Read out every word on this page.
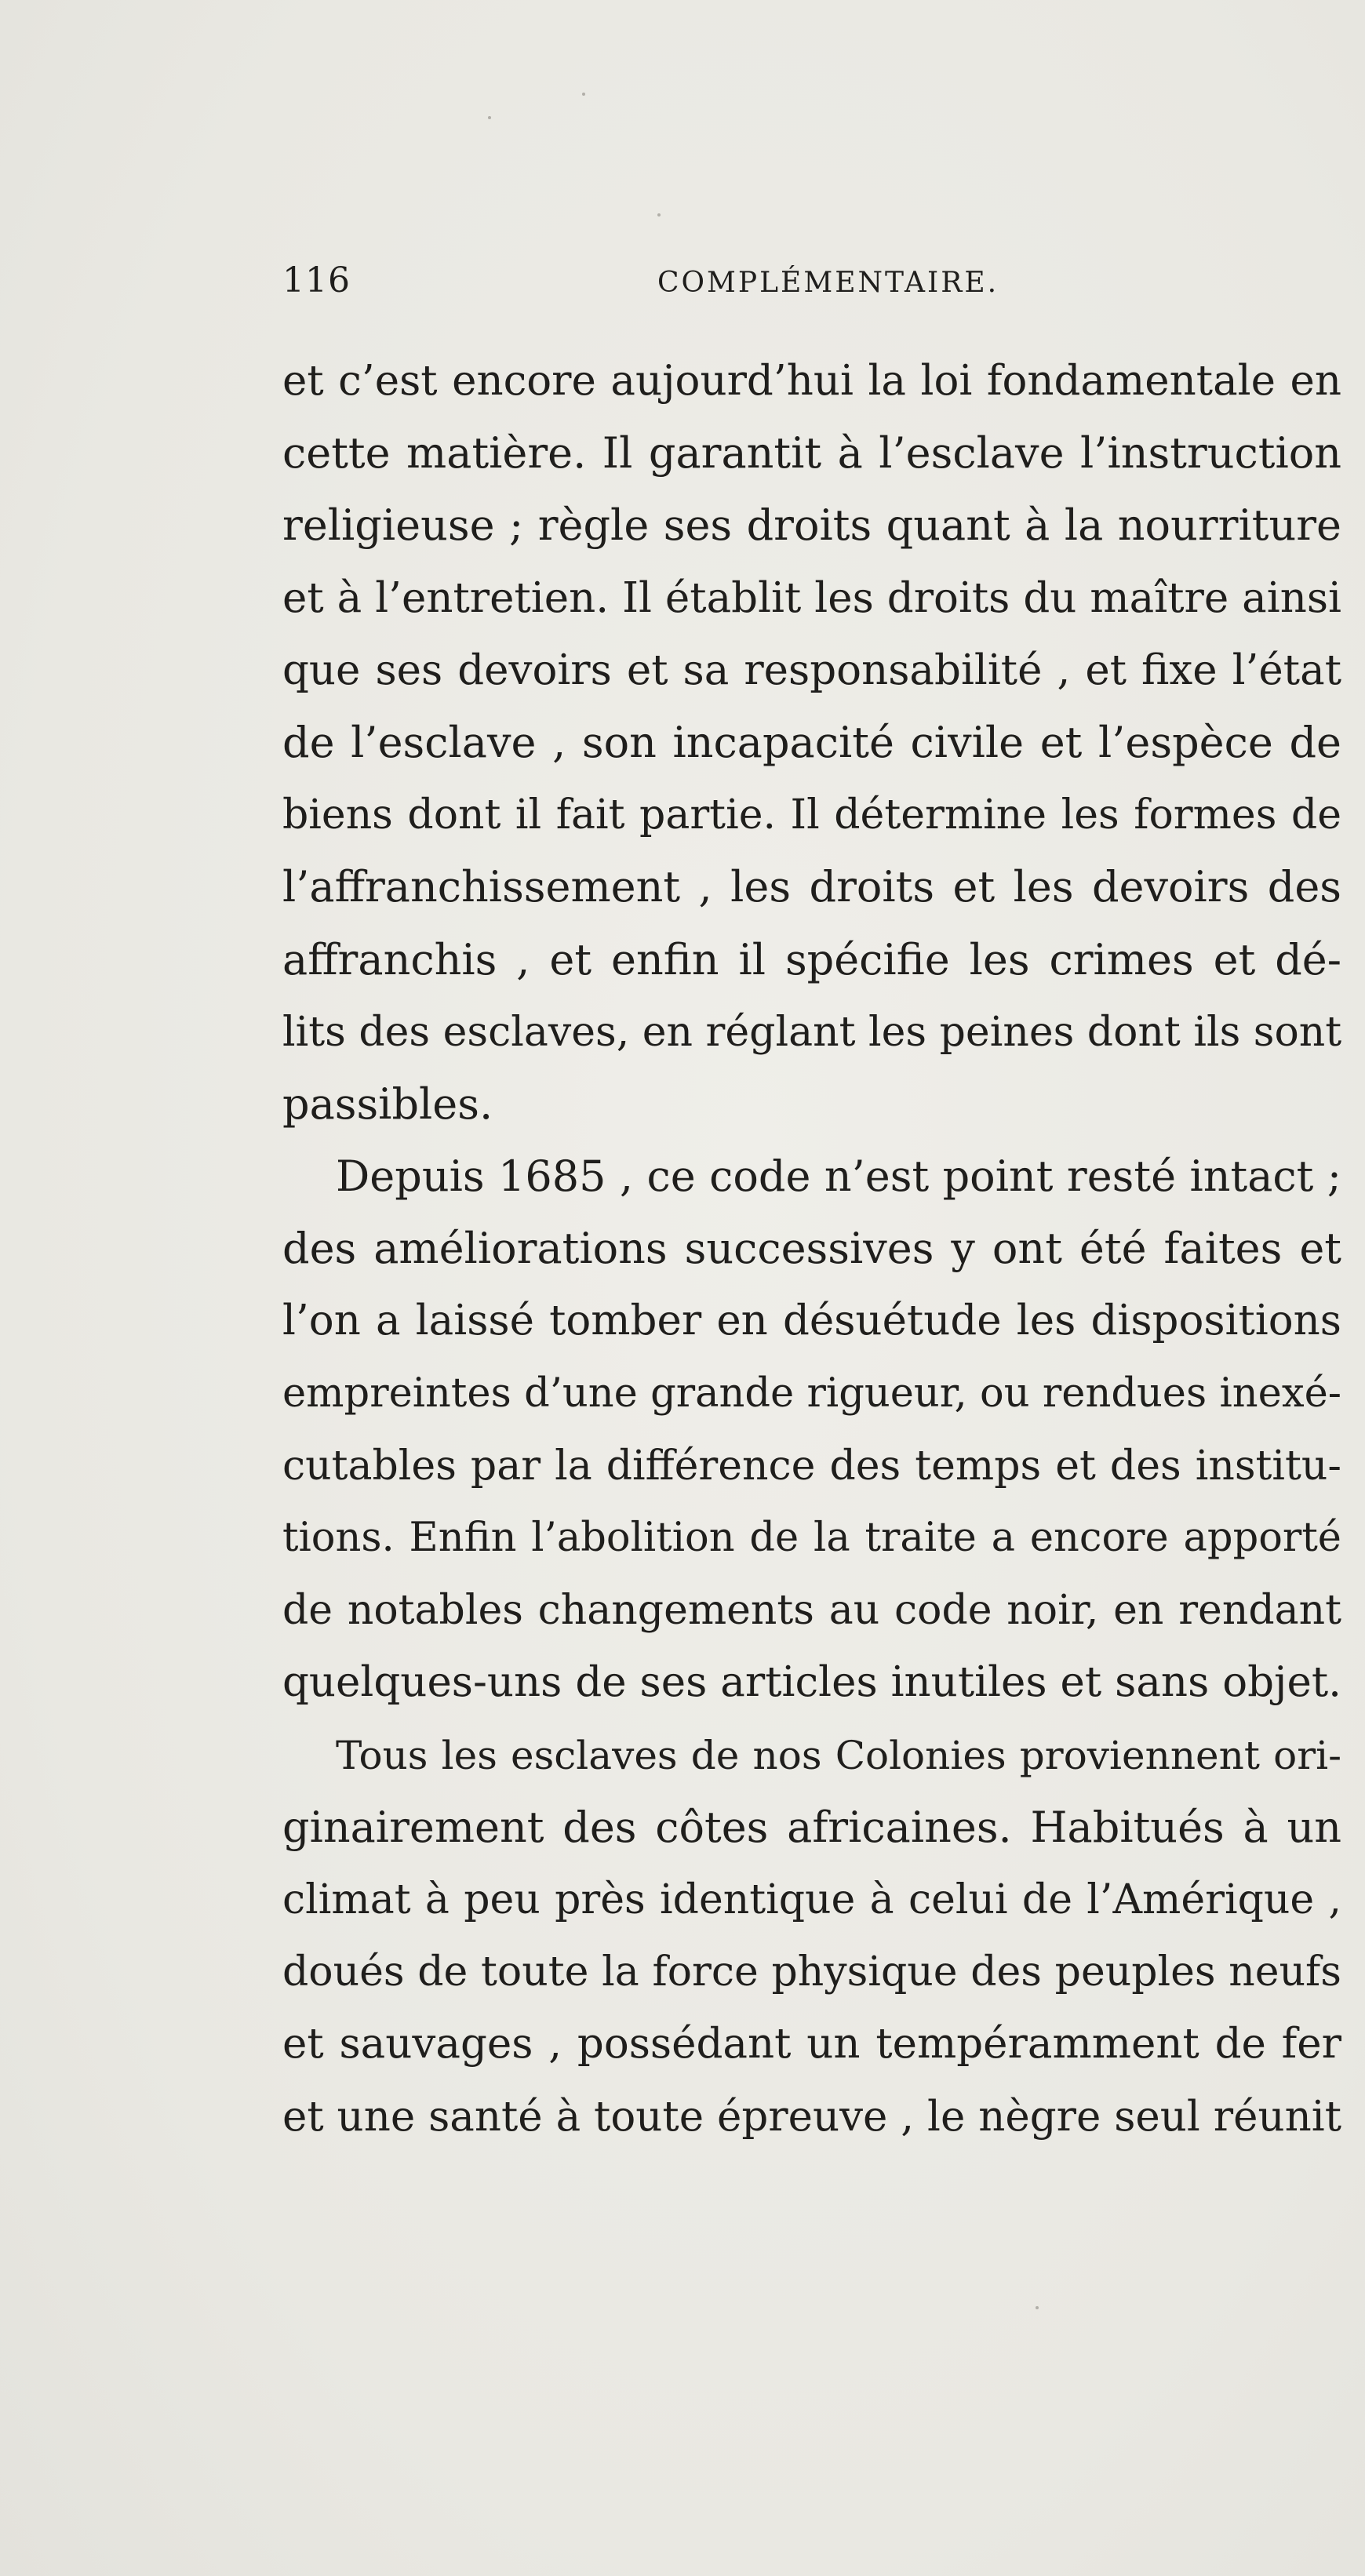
116	COMPLÉMENTAIRE.
et c’est encore aujourd’hui la loi fondamentale en
cette matière. Il garantit à l’esclave l’instruction
religieuse ; règle ses droits quant à la nourriture
et à l’entretien. Il établit les droits du maître ainsi
que ses devoirs et sa responsabilité , et fixe l’état
de l’esclave , son incapacité civile et l’espèce de
biens dont il fait partie. Il détermine les formes de
l’affranchissement , les droits et les devoirs des
affranchis , et enfin il spécifie les crimes et dé-
lits des esclaves, en réglant les peines dont ils sont
passibles.
Depuis 1685 , ce code n’est point resté intact ;
des améliorations successives y ont été faites et
l’on a laissé tomber en désuétude les dispositions
empreintes d’une grande rigueur, ou rendues inexé-
cutables par la différence des temps et des institu-
tions. Enfin l’abolition de la traite a encore apporté
de notables changements au code noir, en rendant
quelques-uns de ses articles inutiles et sans objet.
Tous les esclaves de nos Colonies proviennent ori-
ginairement des côtes africaines. Habitués à un
climat à peu près identique à celui de l’Amérique ,
doués de toute la force physique des peuples neufs
et sauvages , possédant un tempéramment de fer
et une santé à toute épreuve , le nègre seul réunit
